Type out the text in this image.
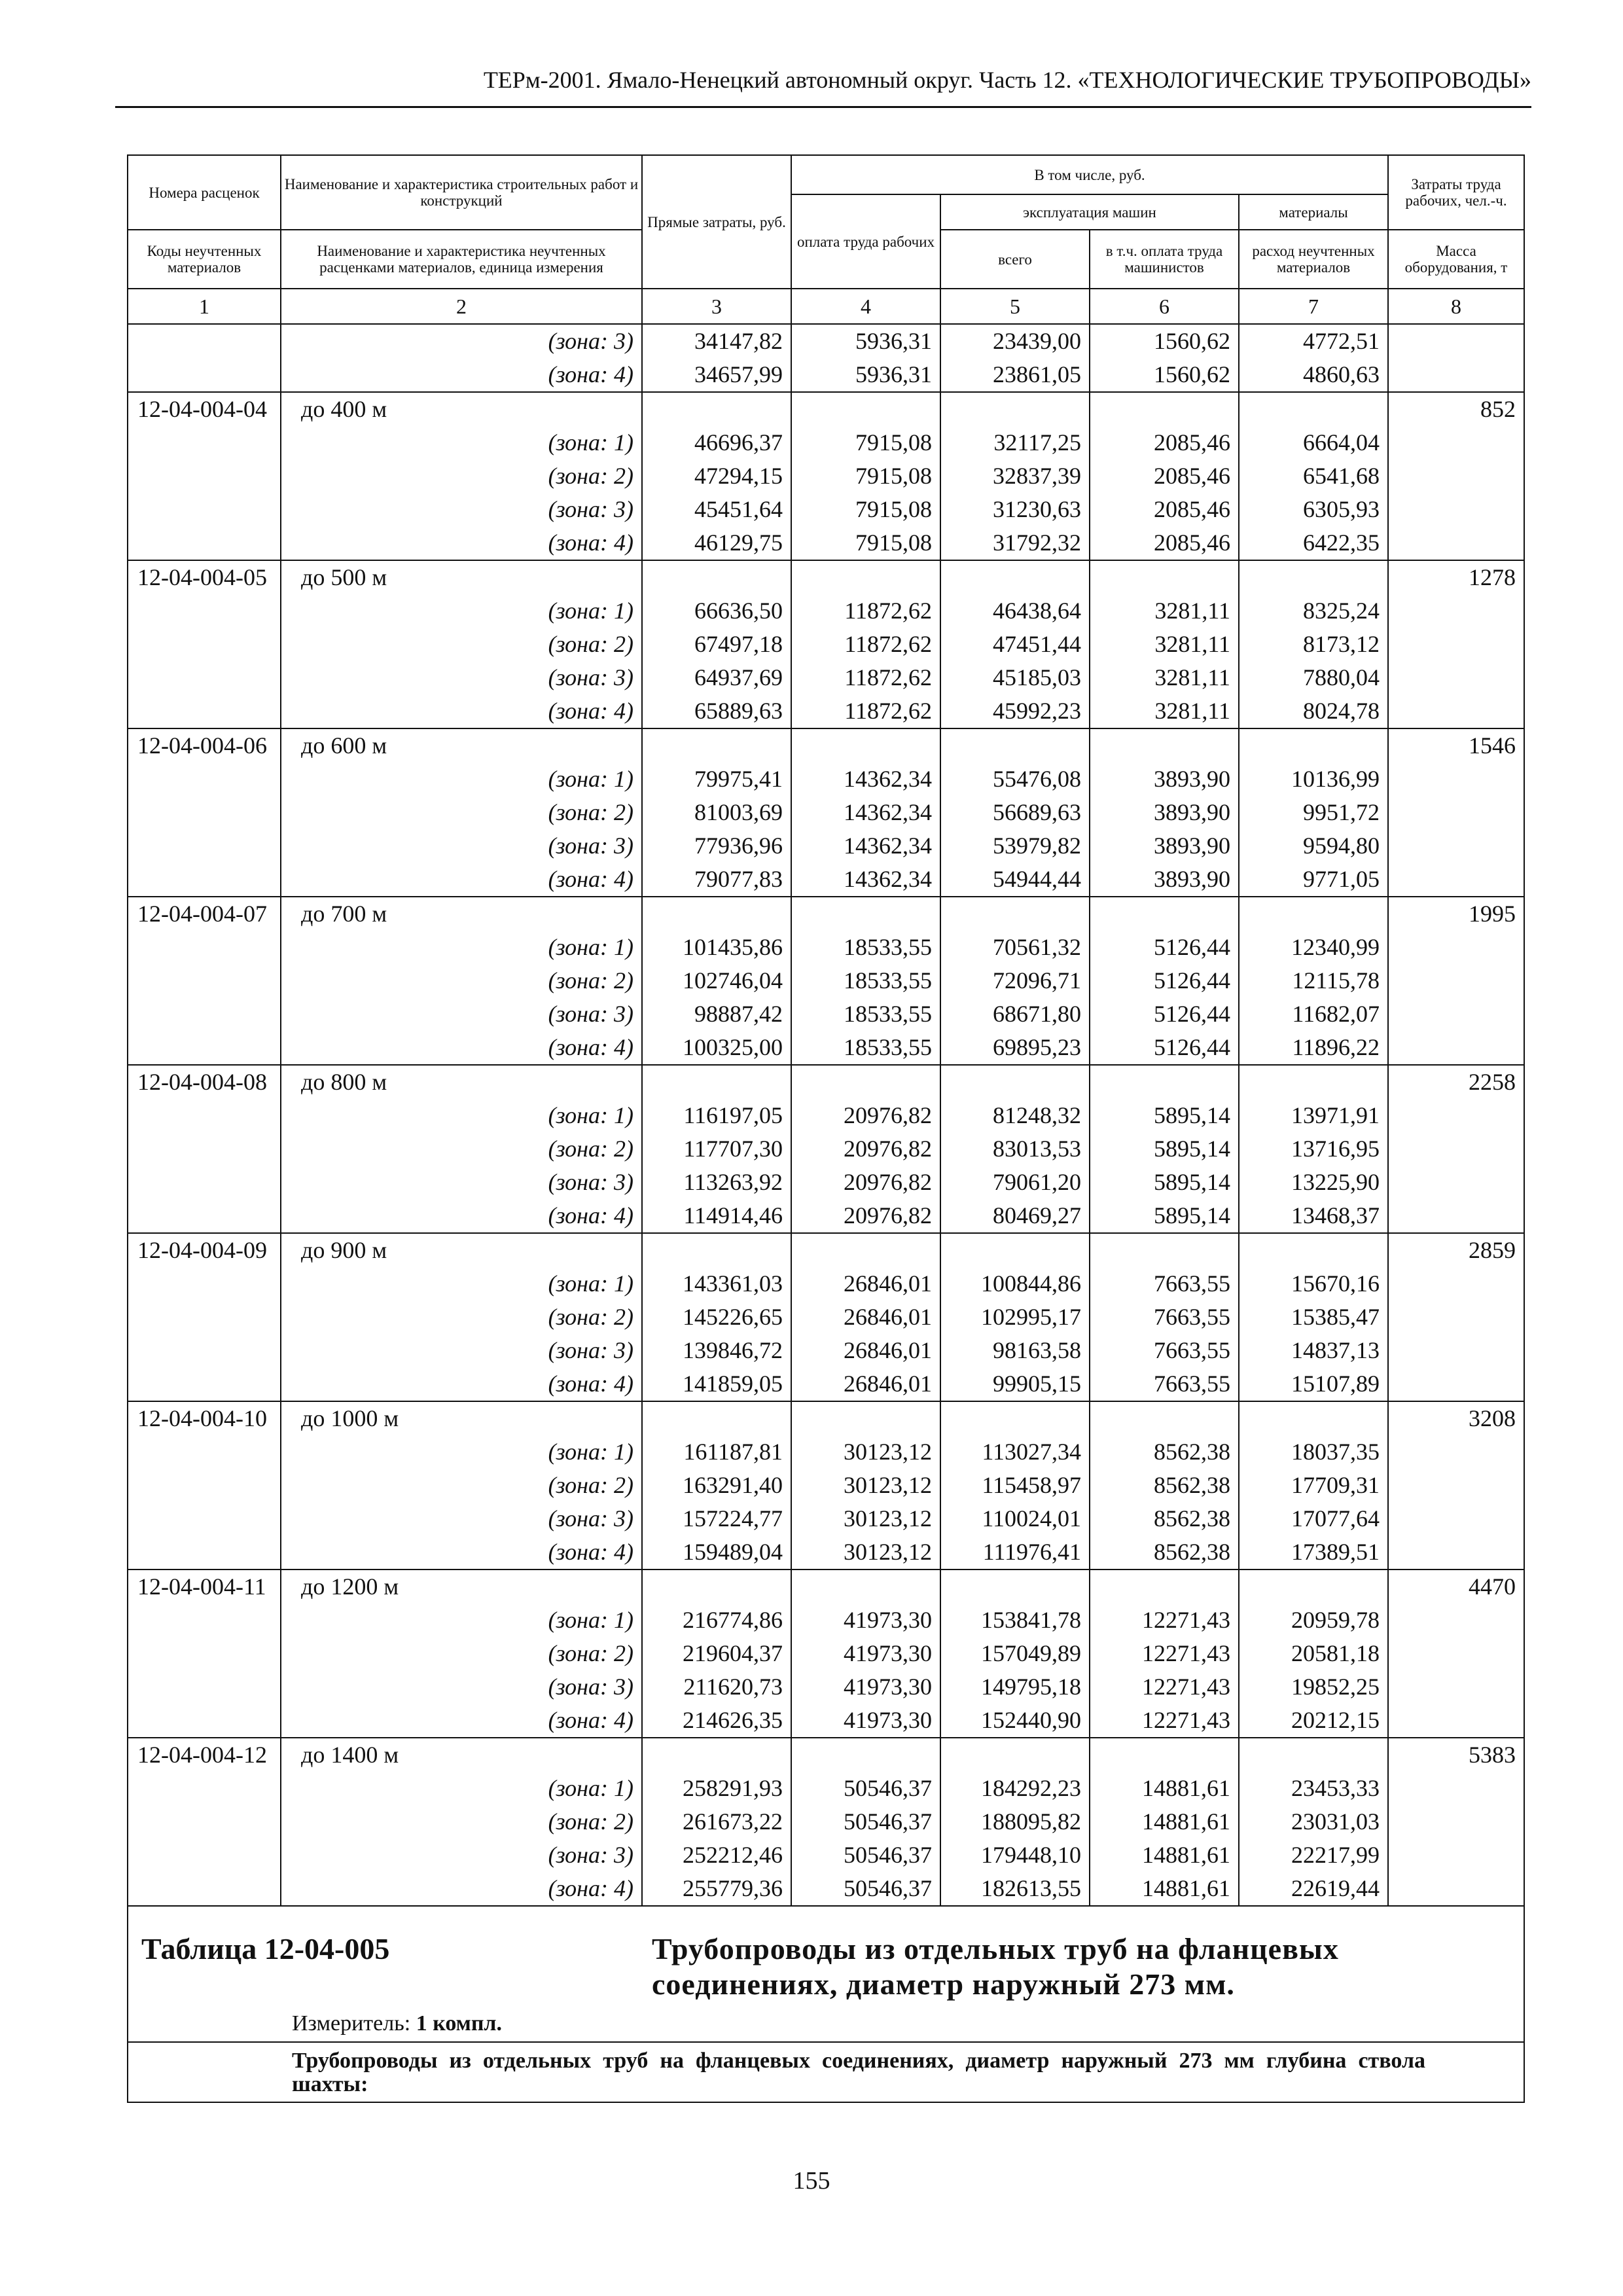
ТЕРм-2001. Ямало-Ненецкий автономный округ. Часть 12. «ТЕХНОЛОГИЧЕСКИЕ ТРУБОПРОВОДЫ»
Номера расценок	Наименование и характеристика строительных работ и конструкций	Прямые затраты, руб.	В том числе, руб.				Затраты труда рабочих, чел.-ч.
			оплата труда рабочих	эксплуатация машин		материалы	
				всего	в т.ч. оплата труда машинистов	расход неучтенных материалов	
Коды неучтенных материалов	Наименование и характеристика неучтенных расценками материалов, единица измерения						Масса оборудования, т
1	2	3	4	5	6	7	8
	(зона: 3)	34147,82	5936,31	23439,00	1560,62	4772,51	
	(зона: 4)	34657,99	5936,31	23861,05	1560,62	4860,63	
12-04-004-04	до 400 м						852
	(зона: 1)	46696,37	7915,08	32117,25	2085,46	6664,04	
	(зона: 2)	47294,15	7915,08	32837,39	2085,46	6541,68	
	(зона: 3)	45451,64	7915,08	31230,63	2085,46	6305,93	
	(зона: 4)	46129,75	7915,08	31792,32	2085,46	6422,35	
12-04-004-05	до 500 м						1278
	(зона: 1)	66636,50	11872,62	46438,64	3281,11	8325,24	
	(зона: 2)	67497,18	11872,62	47451,44	3281,11	8173,12	
	(зона: 3)	64937,69	11872,62	45185,03	3281,11	7880,04	
	(зона: 4)	65889,63	11872,62	45992,23	3281,11	8024,78	
12-04-004-06	до 600 м						1546
	(зона: 1)	79975,41	14362,34	55476,08	3893,90	10136,99	
	(зона: 2)	81003,69	14362,34	56689,63	3893,90	9951,72	
	(зона: 3)	77936,96	14362,34	53979,82	3893,90	9594,80	
	(зона: 4)	79077,83	14362,34	54944,44	3893,90	9771,05	
12-04-004-07	до 700 м						1995
	(зона: 1)	101435,86	18533,55	70561,32	5126,44	12340,99	
	(зона: 2)	102746,04	18533,55	72096,71	5126,44	12115,78	
	(зона: 3)	98887,42	18533,55	68671,80	5126,44	11682,07	
	(зона: 4)	100325,00	18533,55	69895,23	5126,44	11896,22	
12-04-004-08	до 800 м						2258
	(зона: 1)	116197,05	20976,82	81248,32	5895,14	13971,91	
	(зона: 2)	117707,30	20976,82	83013,53	5895,14	13716,95	
	(зона: 3)	113263,92	20976,82	79061,20	5895,14	13225,90	
	(зона: 4)	114914,46	20976,82	80469,27	5895,14	13468,37	
12-04-004-09	до 900 м						2859
	(зона: 1)	143361,03	26846,01	100844,86	7663,55	15670,16	
	(зона: 2)	145226,65	26846,01	102995,17	7663,55	15385,47	
	(зона: 3)	139846,72	26846,01	98163,58	7663,55	14837,13	
	(зона: 4)	141859,05	26846,01	99905,15	7663,55	15107,89	
12-04-004-10	до 1000 м						3208
	(зона: 1)	161187,81	30123,12	113027,34	8562,38	18037,35	
	(зона: 2)	163291,40	30123,12	115458,97	8562,38	17709,31	
	(зона: 3)	157224,77	30123,12	110024,01	8562,38	17077,64	
	(зона: 4)	159489,04	30123,12	111976,41	8562,38	17389,51	
12-04-004-11	до 1200 м						4470
	(зона: 1)	216774,86	41973,30	153841,78	12271,43	20959,78	
	(зона: 2)	219604,37	41973,30	157049,89	12271,43	20581,18	
	(зона: 3)	211620,73	41973,30	149795,18	12271,43	19852,25	
	(зона: 4)	214626,35	41973,30	152440,90	12271,43	20212,15	
12-04-004-12	до 1400 м						5383
	(зона: 1)	258291,93	50546,37	184292,23	14881,61	23453,33	
	(зона: 2)	261673,22	50546,37	188095,82	14881,61	23031,03	
	(зона: 3)	252212,46	50546,37	179448,10	14881,61	22217,99	
	(зона: 4)	255779,36	50546,37	182613,55	14881,61	22619,44	

Таблица 12-04-005 Трубопроводы из отдельных труб на фланцевых соединениях, диаметр наружный 273 мм.
Измеритель: 1 компл.							

Трубопроводы из отдельных труб на фланцевых соединениях, диаметр наружный 273 мм глубина ствола шахты:							
155
